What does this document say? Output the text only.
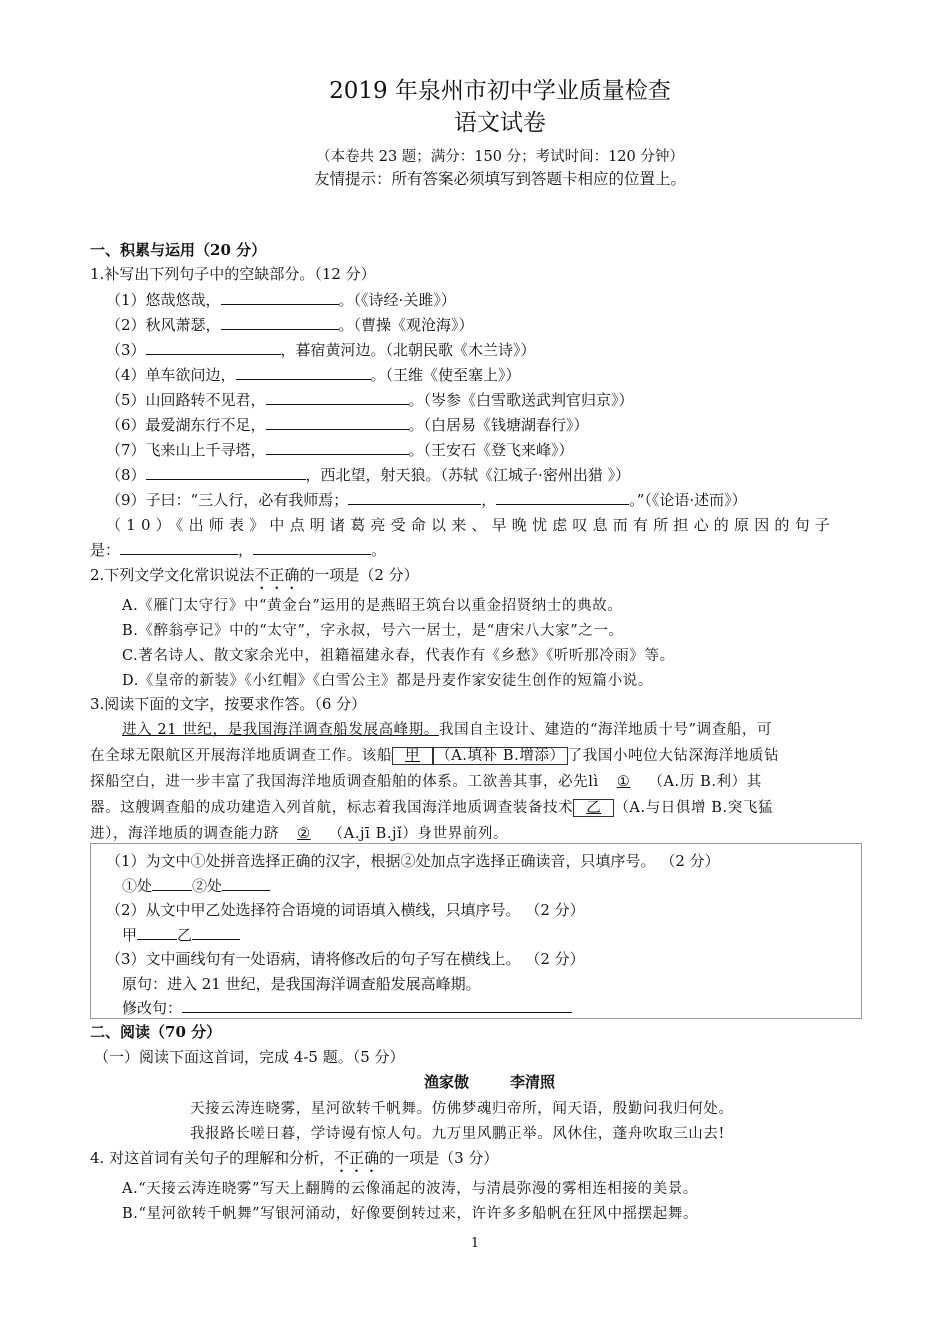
2019 年泉州市初中学业质量检查
语文试卷
（本卷共 23 题；满分：150 分；考试时间：120 分钟）
友情提示：所有答案必须填写到答题卡相应的位置上。
一、积累与运用（20 分）
1.补写出下列句子中的空缺部分。（12 分）
（1）悠哉悠哉，	。（《诗经·关雎》）
（2）秋风萧瑟，	。（曹操《观沧海》）
（3）	，暮宿黄河边。（北朝民歌《木兰诗》）
（4）单车欲问边，	。（王维《使至塞上》）
（5）山回路转不见君，	。（岑参《白雪歌送武判官归京》）
（6）最爱湖东行不足，	。（白居易《钱塘湖春行》）
（7）飞来山上千寻塔，	。（王安石《登飞来峰》）
（8）	，西北望，射天狼。（苏轼《江城子·密州出猎 》）
（9）子曰：“三人行，必有我师焉；	，	。”（《论语·述而》）
（10）《出师表》中点明诸葛亮受命以来、早晚忧虑叹息而有所担心的原因的句子
是：	，	。
2.下列文学文化常识说法不正确的一项是（2 分）
A.《雁门太守行》中“黄金台”运用的是燕昭王筑台以重金招贤纳士的典故。
B.《醉翁亭记》中的“太守”，字永叔，号六一居士，是“唐宋八大家”之一。
C.著名诗人、散文家余光中，祖籍福建永春，代表作有《乡愁》《听听那冷雨》等。
D.《皇帝的新装》《小红帽》《白雪公主》都是丹麦作家安徒生创作的短篇小说。
3.阅读下面的文字，按要求作答。（6 分）
进入 21 世纪，是我国海洋调查船发展高峰期。我国自主设计、建造的“海洋地质十号”调查船，可
在全球无限航区开展海洋地质调查工作。该船 甲 （A.填补 B.增添） 了我国小吨位大钻深海洋地质钻
探船空白，进一步丰富了我国海洋地质调查船舶的体系。工欲善其事，必先lì ① （A.历 B.利）其
器。这艘调查船的成功建造入列首航，标志着我国海洋地质调查装备技术 乙 （A.与日俱增 B.突飞猛
进），海洋地质的调查能力跻 ② （A.jī B.jǐ）身世界前列。
（1）为文中①处拼音选择正确的汉字，根据②处加点字选择正确读音，只填序号。 （2 分）
①处	②处
（2）从文中甲乙处选择符合语境的词语填入横线，只填序号。 （2 分）
甲	乙
（3）文中画线句有一处语病，请将修改后的句子写在横线上。 （2 分）
原句：进入 21 世纪，是我国海洋调查船发展高峰期。
修改句：
二、阅读（70 分）
（一）阅读下面这首词，完成 4-5 题。（5 分）
渔家傲	李清照
天接云涛连晓雾，星河欲转千帆舞。仿佛梦魂归帝所，闻天语，殷勤问我归何处。
我报路长嗟日暮，学诗谩有惊人句。九万里风鹏正举。风休住，蓬舟吹取三山去!
4. 对这首词有关句子的理解和分析，不正确的一项是（3 分）
A.“天接云涛连晓雾”写天上翻腾的云像涌起的波涛，与清晨弥漫的雾相连相接的美景。
B.“星河欲转千帆舞”写银河涌动，好像要倒转过来，许许多多船帆在狂风中摇摆起舞。
1
